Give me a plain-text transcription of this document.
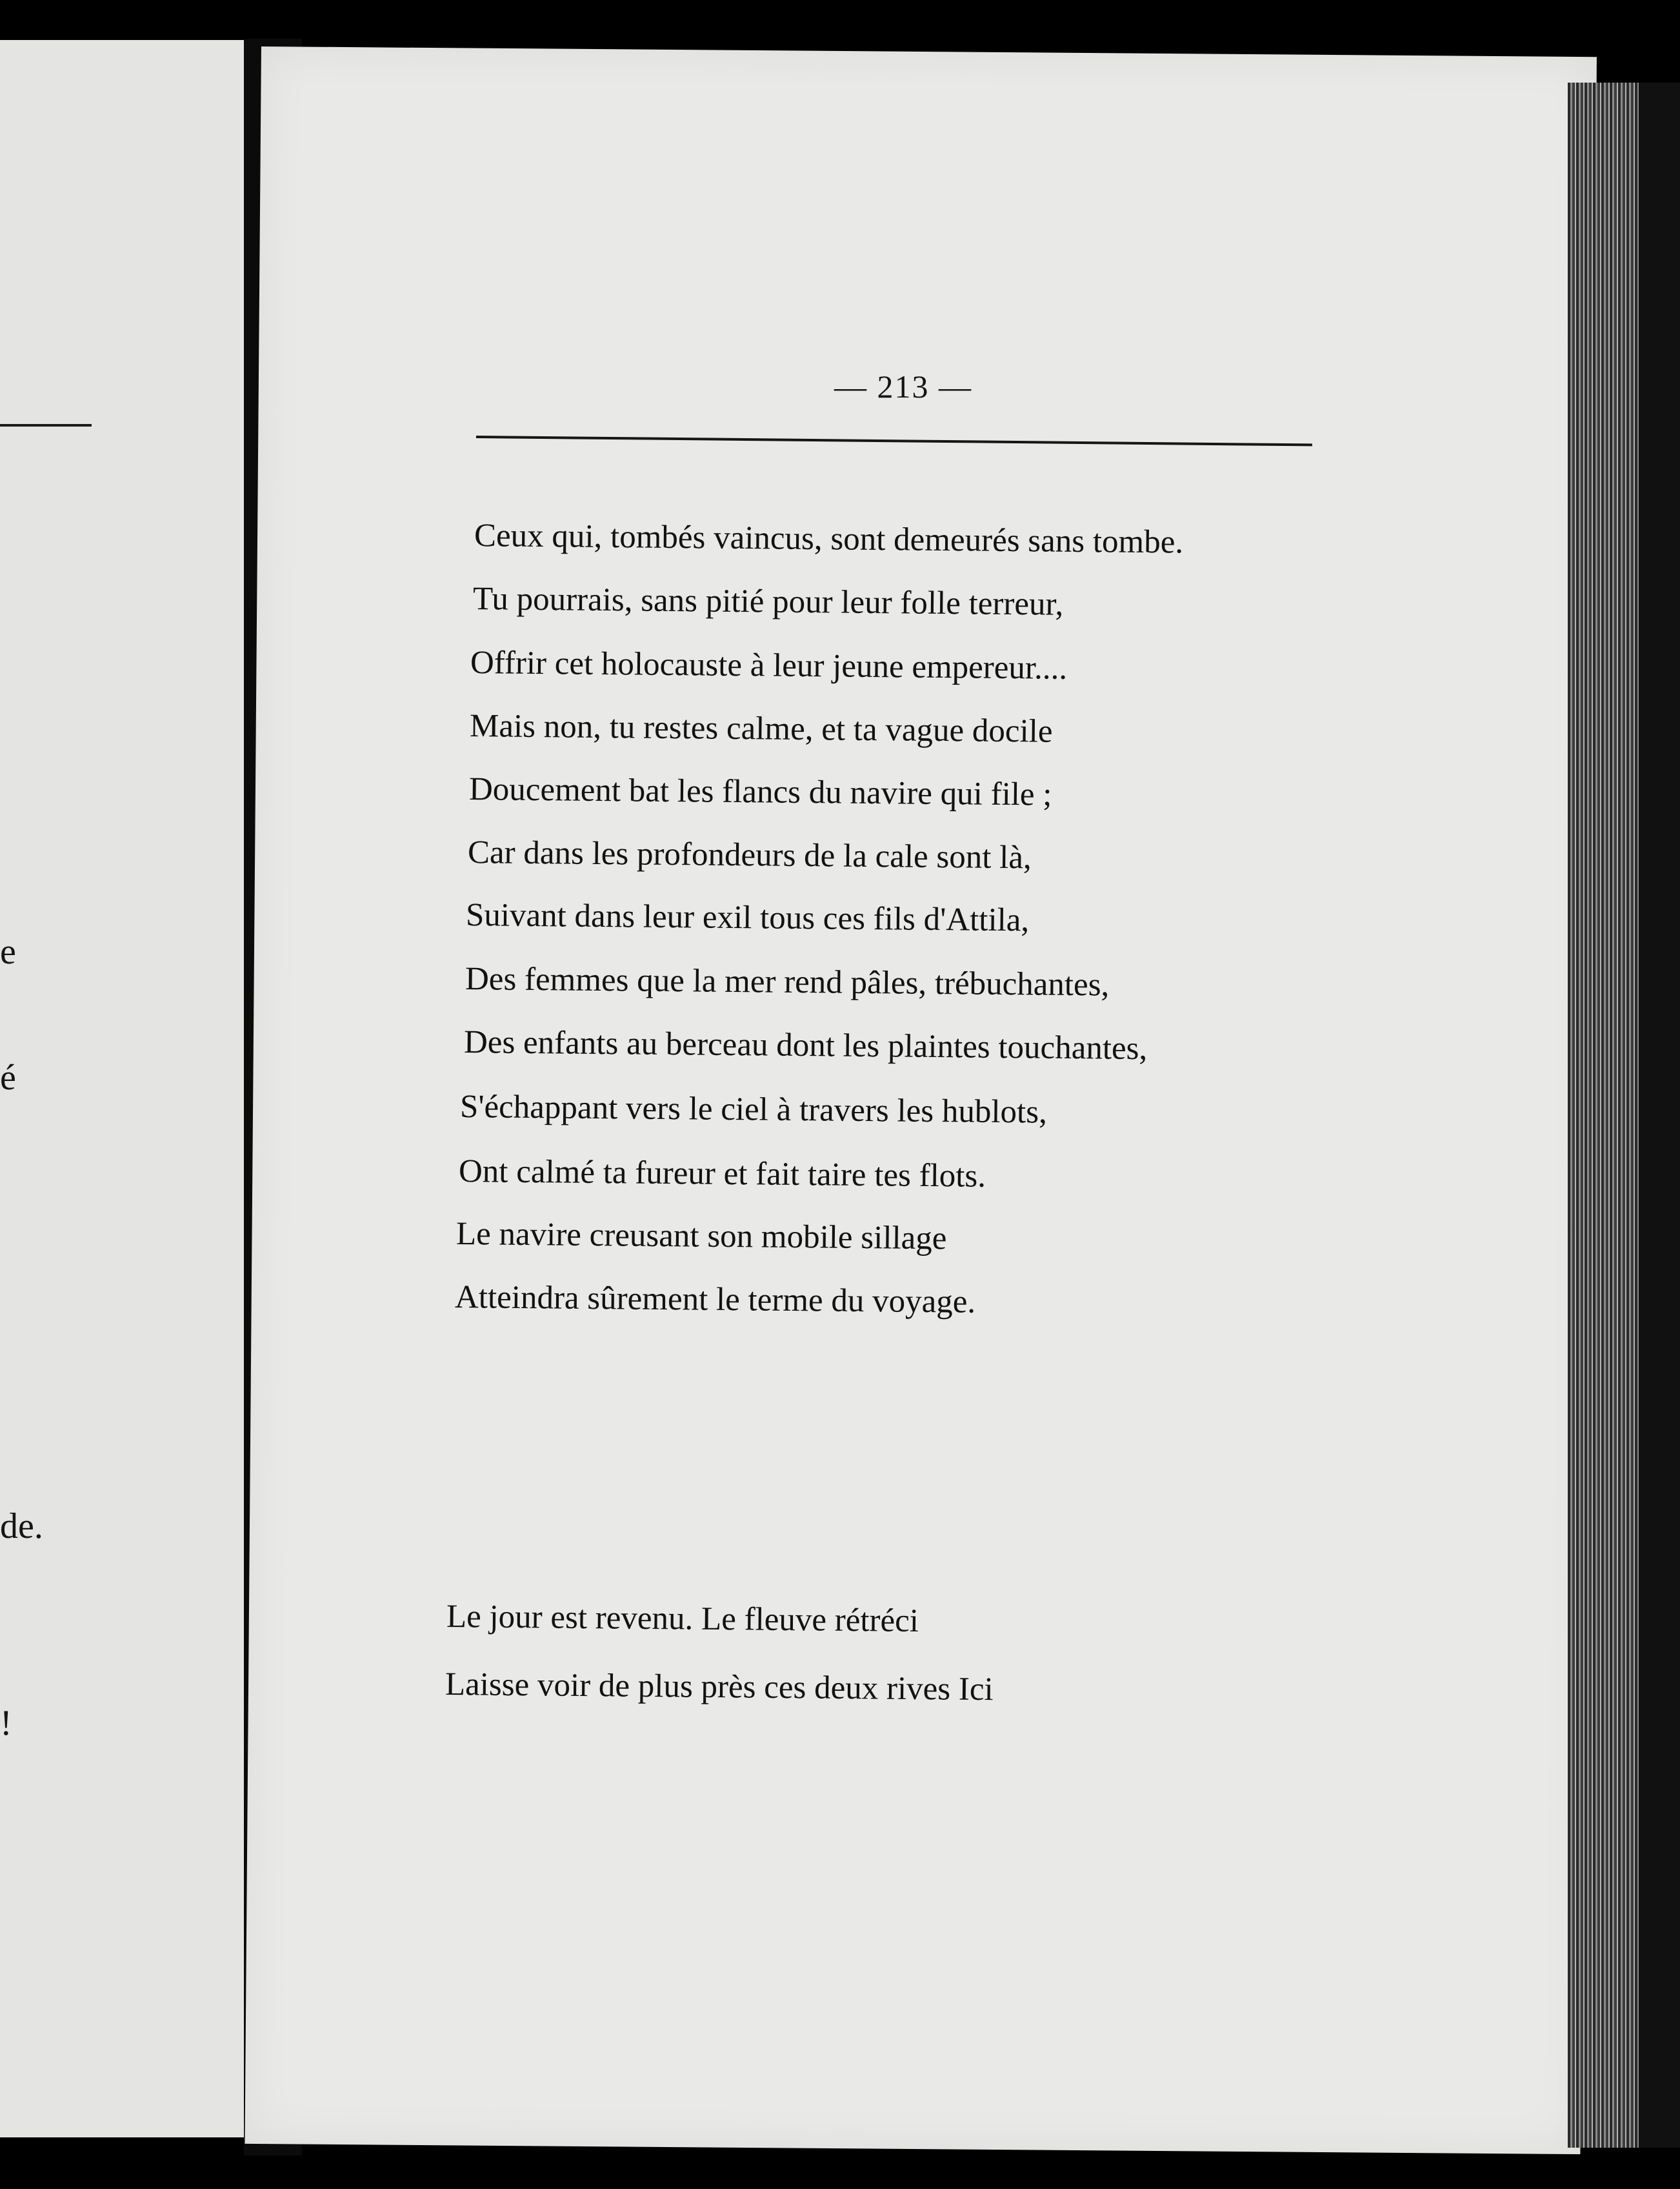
e
é
de.
!
— 213 —
Ceux qui, tombés vaincus, sont demeurés sans tombe.
Tu pourrais, sans pitié pour leur folle terreur,
Offrir cet holocauste à leur jeune empereur....
Mais non, tu restes calme, et ta vague docile
Doucement bat les flancs du navire qui file ;
Car dans les profondeurs de la cale sont là,
Suivant dans leur exil tous ces fils d'Attila,
Des femmes que la mer rend pâles, trébuchantes,
Des enfants au berceau dont les plaintes touchantes,
S'échappant vers le ciel à travers les hublots,
Ont calmé ta fureur et fait taire tes flots.
Le navire creusant son mobile sillage
Atteindra sûrement le terme du voyage.
Le jour est revenu. Le fleuve rétréci
Laisse voir de plus près ces deux rives Ici
